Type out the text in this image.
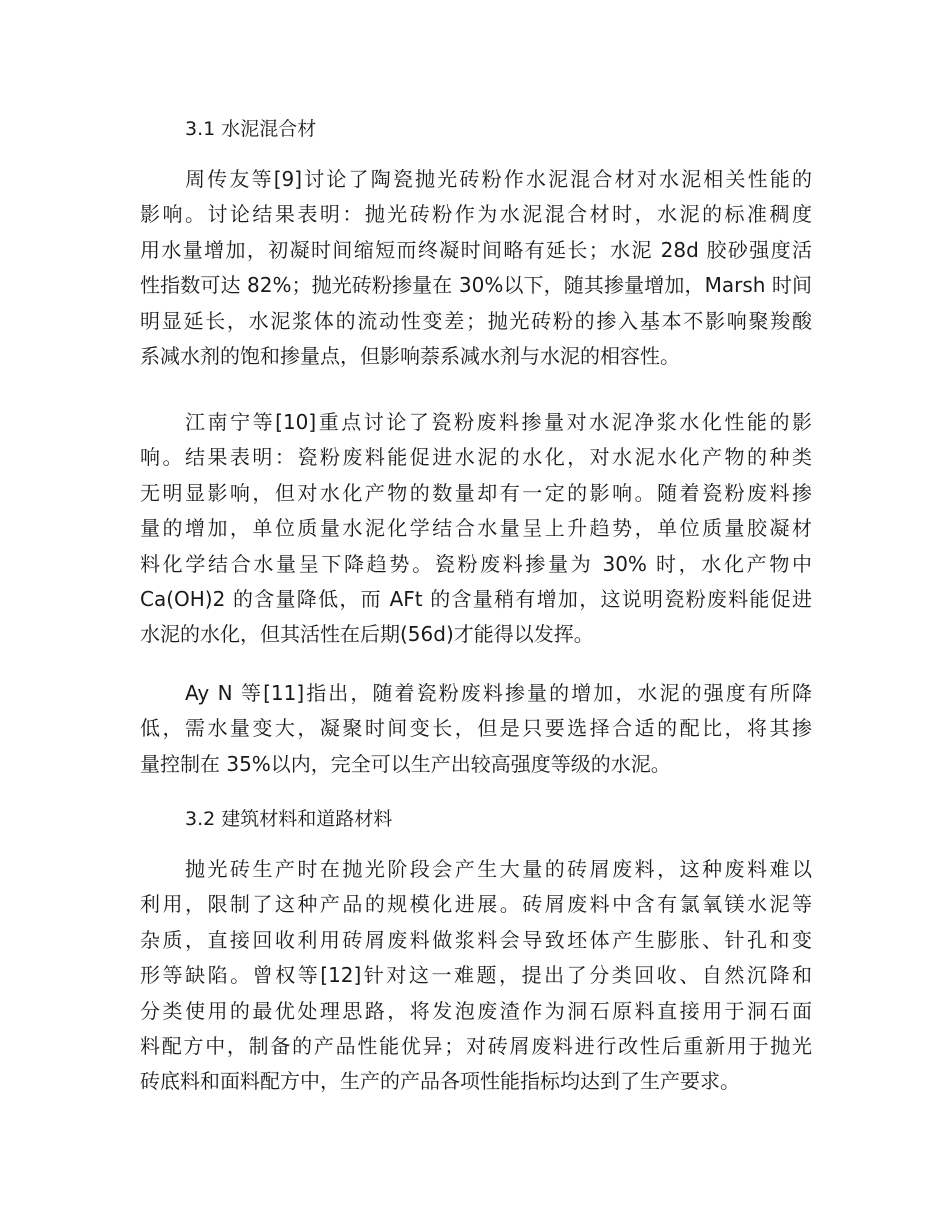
3.1 水泥混合材
周传友等[9]讨论了陶瓷抛光砖粉作水泥混合材对水泥相关性能的
影响。讨论结果表明：抛光砖粉作为水泥混合材时，水泥的标准稠度
用水量增加，初凝时间缩短而终凝时间略有延长；水泥 28d 胶砂强度活
性指数可达 82%；抛光砖粉掺量在 30%以下，随其掺量增加，Marsh 时间
明显延长，水泥浆体的流动性变差；抛光砖粉的掺入基本不影响聚羧酸
系减水剂的饱和掺量点，但影响萘系减水剂与水泥的相容性。
江南宁等[10]重点讨论了瓷粉废料掺量对水泥净浆水化性能的影
响。结果表明：瓷粉废料能促进水泥的水化，对水泥水化产物的种类
无明显影响，但对水化产物的数量却有一定的影响。随着瓷粉废料掺
量的增加，单位质量水泥化学结合水量呈上升趋势，单位质量胶凝材
料化学结合水量呈下降趋势。瓷粉废料掺量为 30% 时，水化产物中
Ca(OH)2 的含量降低，而 AFt 的含量稍有增加，这说明瓷粉废料能促进
水泥的水化，但其活性在后期(56d)才能得以发挥。
Ay N 等[11]指出，随着瓷粉废料掺量的增加，水泥的强度有所降
低，需水量变大，凝聚时间变长，但是只要选择合适的配比，将其掺
量控制在 35%以内，完全可以生产出较高强度等级的水泥。
3.2 建筑材料和道路材料
抛光砖生产时在抛光阶段会产生大量的砖屑废料，这种废料难以
利用，限制了这种产品的规模化进展。砖屑废料中含有氯氧镁水泥等
杂质，直接回收利用砖屑废料做浆料会导致坯体产生膨胀、针孔和变
形等缺陷。曾权等[12]针对这一难题，提出了分类回收、自然沉降和
分类使用的最优处理思路，将发泡废渣作为洞石原料直接用于洞石面
料配方中，制备的产品性能优异；对砖屑废料进行改性后重新用于抛光
砖底料和面料配方中，生产的产品各项性能指标均达到了生产要求。
